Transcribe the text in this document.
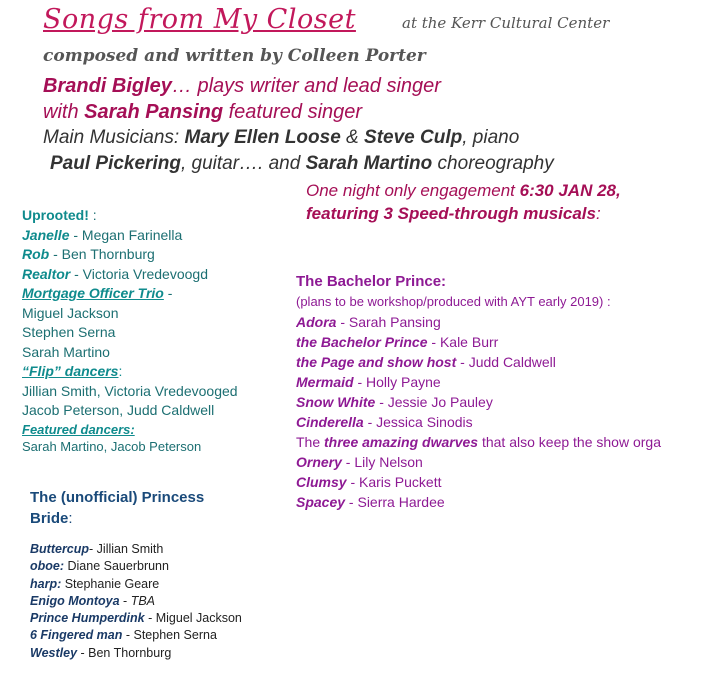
Songs from My Closet	at the Kerr Cultural Center
composed and written by Colleen Porter
Brandi Bigley… plays writer and lead singer
with Sarah Pansing featured singer
Main Musicians: Mary Ellen Loose & Steve Culp, piano
Paul Pickering, guitar…. and Sarah Martino choreography
One night only engagement 6:30 JAN 28,
featuring 3 Speed-through musicals:
Uprooted! :
Janelle - Megan Farinella
Rob - Ben Thornburg
Realtor - Victoria Vredevoogd
Mortgage Officer Trio -
Miguel Jackson
Stephen Serna
Sarah Martino
“Flip” dancers:
Jillian Smith, Victoria Vredevooged
Jacob Peterson, Judd Caldwell
Featured dancers:
Sarah Martino, Jacob Peterson
The (unofficial) Princess
Bride:
Buttercup- Jillian Smith
oboe: Diane Sauerbrunn
harp: Stephanie Geare
Enigo Montoya - TBA
Prince Humperdink - Miguel Jackson
6 Fingered man - Stephen Serna
Westley - Ben Thornburg
The Bachelor Prince:
(plans to be workshop/produced with AYT early 2019) :
Adora - Sarah Pansing
the Bachelor Prince - Kale Burr
the Page and show host - Judd Caldwell
Mermaid - Holly Payne
Snow White - Jessie Jo Pauley
Cinderella - Jessica Sinodis
The three amazing dwarves that also keep the show orga
Ornery - Lily Nelson
Clumsy - Karis Puckett
Spacey - Sierra Hardee
